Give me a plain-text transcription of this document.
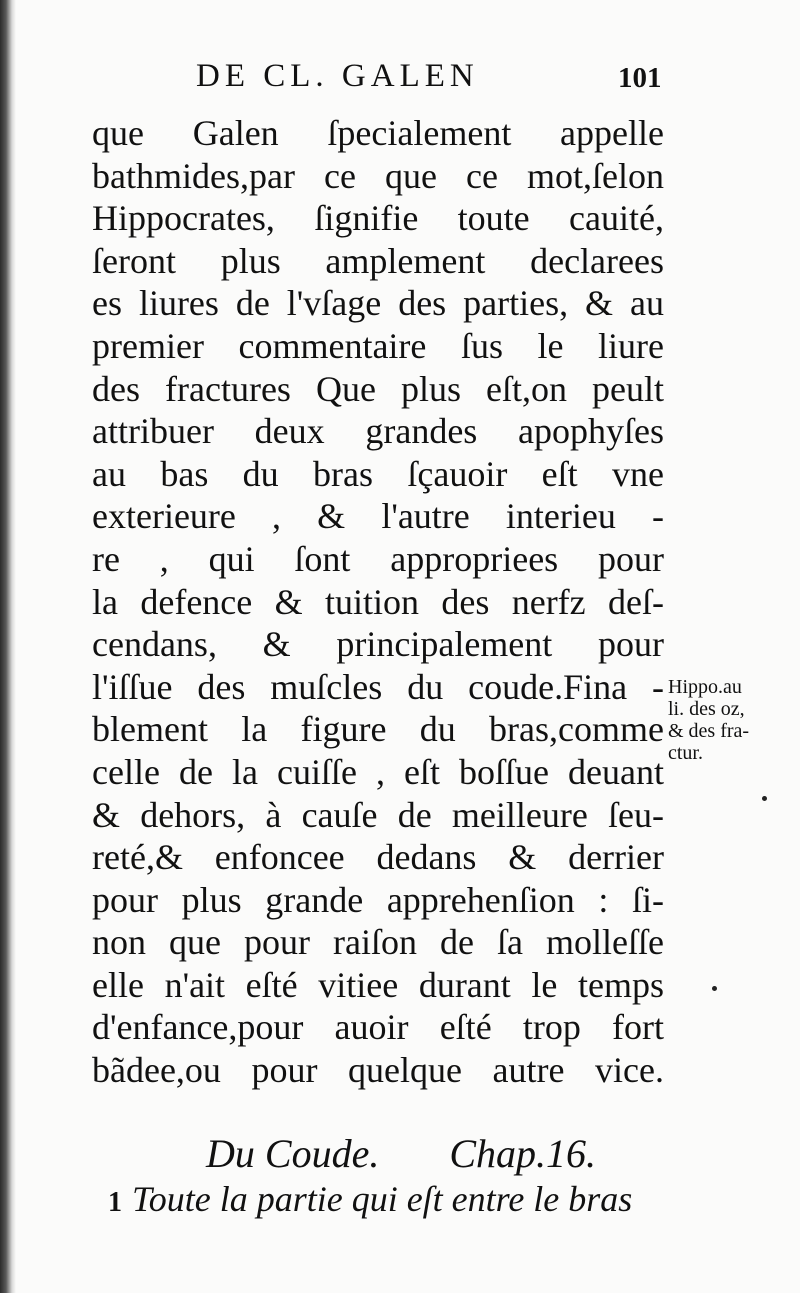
DE CL. GALEN	101
que Galen ſpecialement appelle
bathmides,par ce que ce mot,ſelon
Hippocrates, ſignifie toute cauité,
ſeront plus amplement declarees
es liures de l'vſage des parties, & au
premier commentaire ſus le liure
des fractures Que plus eſt,on peult
attribuer deux grandes apophyſes
au bas du bras ſçauoir eſt vne
exterieure , & l'autre interieu -
re , qui ſont appropriees pour
la defence & tuition des nerfz deſ-
cendans, & principalement pour
l'iſſue des muſcles du coude.Fina -
blement la figure du bras,comme
celle de la cuiſſe , eſt boſſue deuant
& dehors, à cauſe de meilleure ſeu-
reté,& enfoncee dedans & derrier
pour plus grande apprehenſion : ſi-
non que pour raiſon de ſa molleſſe
elle n'ait eſté vitiee durant le temps
d'enfance,pour auoir eſté trop fort
bãdee,ou pour quelque autre vice.
Hippo.au
li. des oz,
& des fra-
ctur.
Du Coude. Chap.16.
1 Toute la partie qui eſt entre le bras
